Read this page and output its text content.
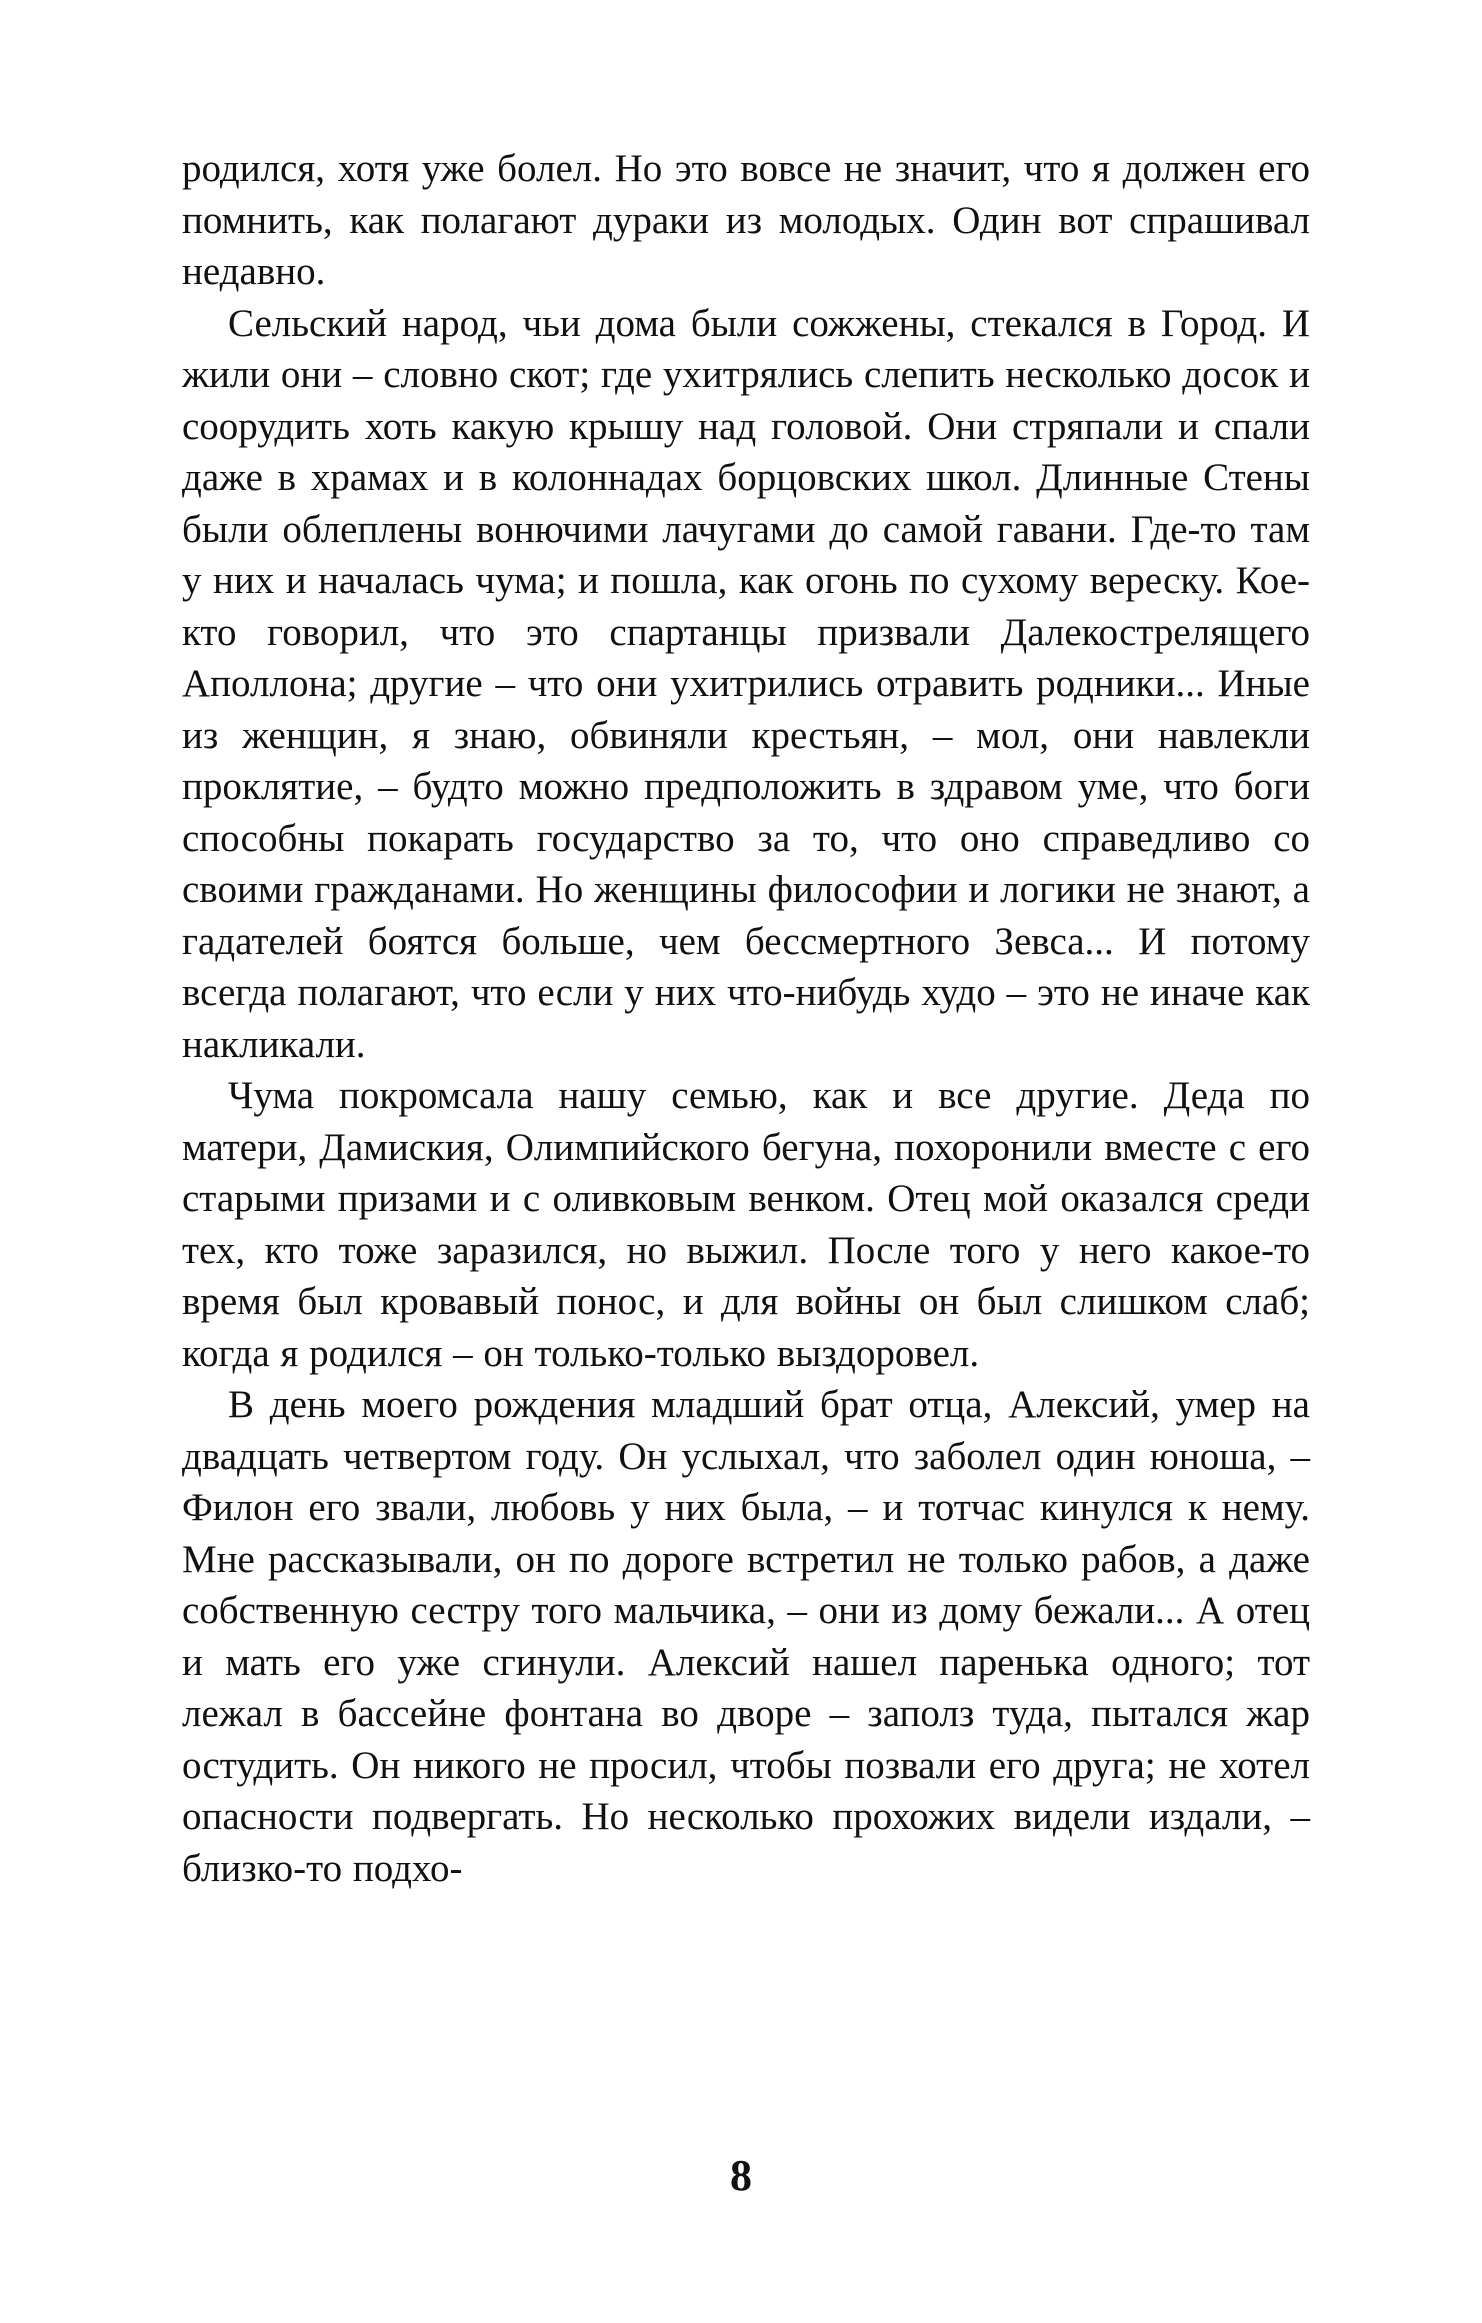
родился, хотя уже болел. Но это вовсе не значит, что я должен его помнить, как полагают дураки из молодых. Один вот спрашивал недавно.

Сельский народ, чьи дома были сожжены, стекался в Город. И жили они – словно скот; где ухитрялись слепить несколько досок и соорудить хоть какую крышу над головой. Они стряпали и спали даже в храмах и в колоннадах борцовских школ. Длинные Стены были облеплены вонючими лачугами до самой гавани. Где-то там у них и началась чума; и пошла, как огонь по сухому вереску. Кое-кто говорил, что это спартанцы призвали Далекострелящего Аполлона; другие – что они ухитрились отравить родники... Иные из женщин, я знаю, обвиняли крестьян, – мол, они навлекли проклятие, – будто можно предположить в здравом уме, что боги способны покарать государство за то, что оно справедливо со своими гражданами. Но женщины философии и логики не знают, а гадателей боятся больше, чем бессмертного Зевса... И потому всегда полагают, что если у них что-нибудь худо – это не иначе как накликали.

Чума покромсала нашу семью, как и все другие. Деда по матери, Дамиския, Олимпийского бегуна, похоронили вместе с его старыми призами и с оливковым венком. Отец мой оказался среди тех, кто тоже заразился, но выжил. После того у него какое-то время был кровавый понос, и для войны он был слишком слаб; когда я родился – он только-только выздоровел.

В день моего рождения младший брат отца, Алексий, умер на двадцать четвертом году. Он услыхал, что заболел один юноша, – Филон его звали, любовь у них была, – и тотчас кинулся к нему. Мне рассказывали, он по дороге встретил не только рабов, а даже собственную сестру того мальчика, – они из дому бежали... А отец и мать его уже сгинули. Алексий нашел паренька одного; тот лежал в бассейне фонтана во дворе – заполз туда, пытался жар остудить. Он никого не просил, чтобы позвали его друга; не хотел опасности подвергать. Но несколько прохожих видели издали, – близко-то подхо-

8
